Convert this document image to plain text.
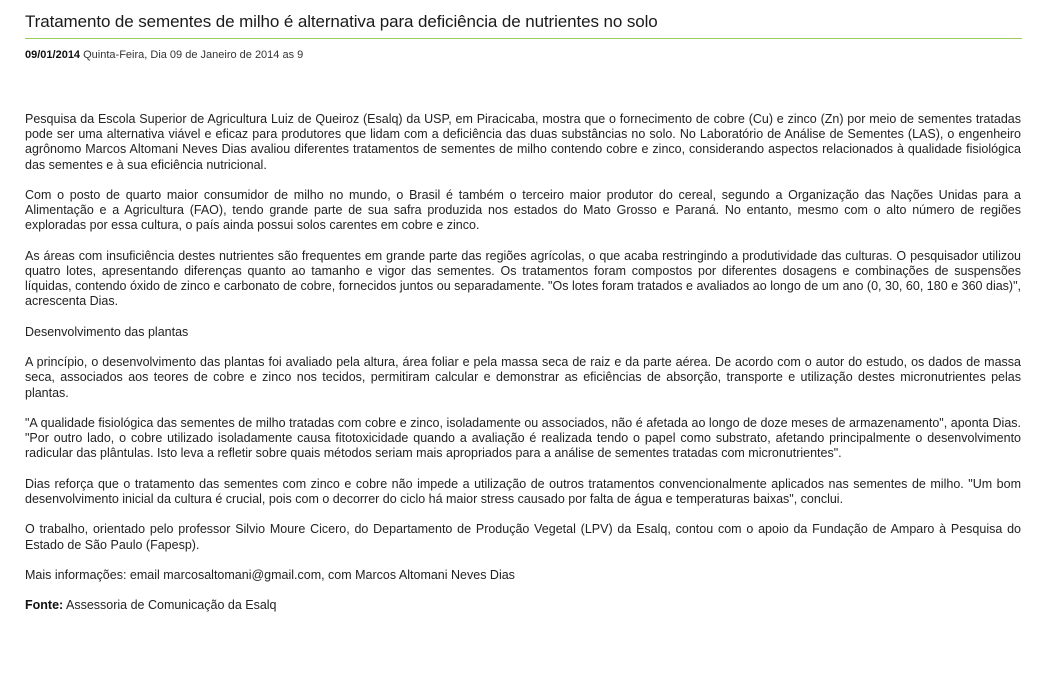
Tratamento de sementes de milho é alternativa para deficiência de nutrientes no solo
09/01/2014 Quinta-Feira, Dia 09 de Janeiro de 2014 as 9

Pesquisa da Escola Superior de Agricultura Luiz de Queiroz (Esalq) da USP, em Piracicaba, mostra que o fornecimento de cobre (Cu) e zinco (Zn) por meio de sementes tratadas pode ser uma alternativa viável e eficaz para produtores que lidam com a deficiência das duas substâncias no solo. No Laboratório de Análise de Sementes (LAS), o engenheiro agrônomo Marcos Altomani Neves Dias avaliou diferentes tratamentos de sementes de milho contendo cobre e zinco, considerando aspectos relacionados à qualidade fisiológica das sementes e à sua eficiência nutricional.

Com o posto de quarto maior consumidor de milho no mundo, o Brasil é também o terceiro maior produtor do cereal, segundo a Organização das Nações Unidas para a Alimentação e a Agricultura (FAO), tendo grande parte de sua safra produzida nos estados do Mato Grosso e Paraná. No entanto, mesmo com o alto número de regiões exploradas por essa cultura, o país ainda possui solos carentes em cobre e zinco.

As áreas com insuficiência destes nutrientes são frequentes em grande parte das regiões agrícolas, o que acaba restringindo a produtividade das culturas. O pesquisador utilizou quatro lotes, apresentando diferenças quanto ao tamanho e vigor das sementes. Os tratamentos foram compostos por diferentes dosagens e combinações de suspensões líquidas, contendo óxido de zinco e carbonato de cobre, fornecidos juntos ou separadamente. "Os lotes foram tratados e avaliados ao longo de um ano (0, 30, 60, 180 e 360 dias)", acrescenta Dias.

Desenvolvimento das plantas

A princípio, o desenvolvimento das plantas foi avaliado pela altura, área foliar e pela massa seca de raiz e da parte aérea. De acordo com o autor do estudo, os dados de massa seca, associados aos teores de cobre e zinco nos tecidos, permitiram calcular e demonstrar as eficiências de absorção, transporte e utilização destes micronutrientes pelas plantas.

"A qualidade fisiológica das sementes de milho tratadas com cobre e zinco, isoladamente ou associados, não é afetada ao longo de doze meses de armazenamento", aponta Dias. "Por outro lado, o cobre utilizado isoladamente causa fitotoxicidade quando a avaliação é realizada tendo o papel como substrato, afetando principalmente o desenvolvimento radicular das plântulas. Isto leva a refletir sobre quais métodos seriam mais apropriados para a análise de sementes tratadas com micronutrientes".

Dias reforça que o tratamento das sementes com zinco e cobre não impede a utilização de outros tratamentos convencionalmente aplicados nas sementes de milho. "Um bom desenvolvimento inicial da cultura é crucial, pois com o decorrer do ciclo há maior stress causado por falta de água e temperaturas baixas", conclui.

O trabalho, orientado pelo professor Silvio Moure Cicero, do Departamento de Produção Vegetal (LPV) da Esalq, contou com o apoio da Fundação de Amparo à Pesquisa do Estado de São Paulo (Fapesp).

Mais informações: email marcosaltomani@gmail.com, com Marcos Altomani Neves Dias

Fonte: Assessoria de Comunicação da Esalq
